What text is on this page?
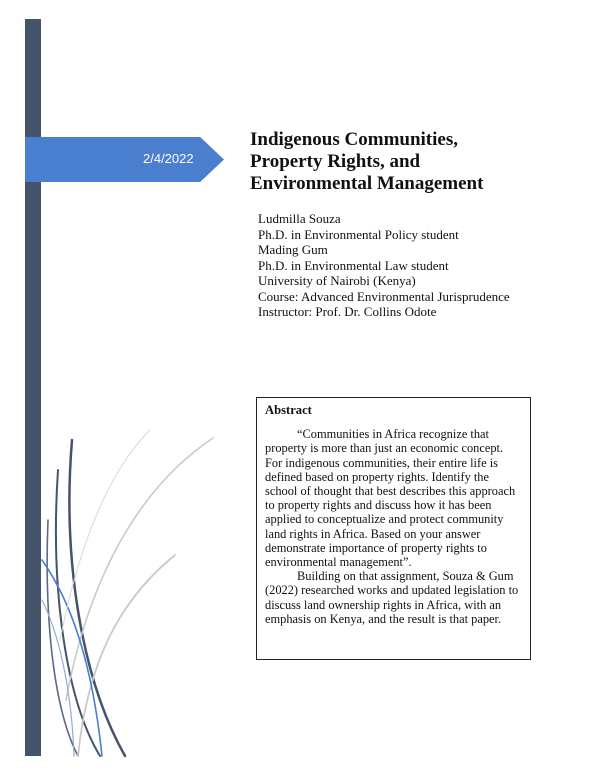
2/4/2022
Indigenous Communities,
Property Rights, and
Environmental Management
Ludmilla Souza
Ph.D. in Environmental Policy student
Mading Gum
Ph.D. in Environmental Law student
University of Nairobi (Kenya)
Course: Advanced Environmental Jurisprudence
Instructor: Prof. Dr. Collins Odote
Abstract

“Communities in Africa recognize that property is more than just an economic concept. For indigenous communities, their entire life is defined based on property rights. Identify the school of thought that best describes this approach to property rights and discuss how it has been applied to conceptualize and protect community land rights in Africa. Based on your answer demonstrate importance of property rights to environmental management”.

Building on that assignment, Souza & Gum (2022) researched works and updated legislation to discuss land ownership rights in Africa, with an emphasis on Kenya, and the result is that paper.
